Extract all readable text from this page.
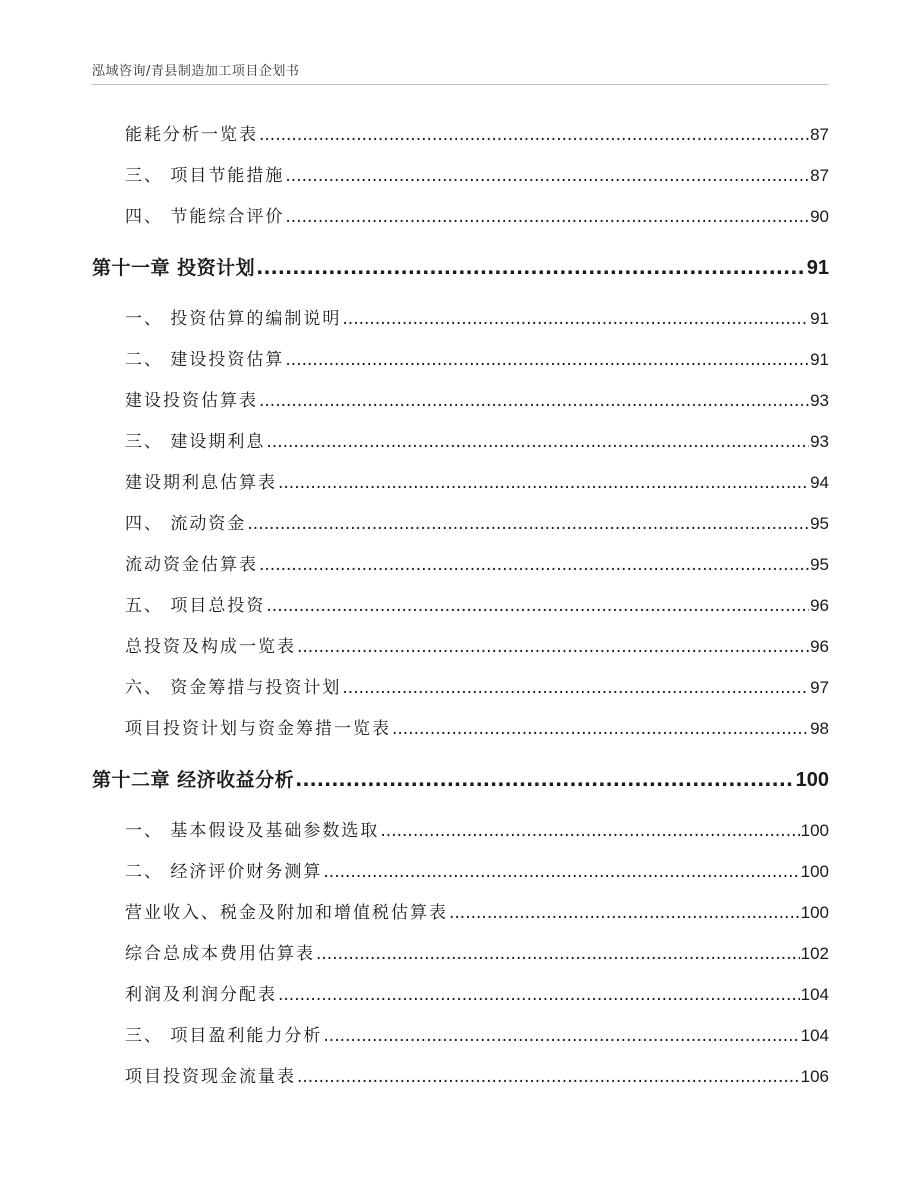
泓域咨询/青县制造加工项目企划书
能耗分析一览表 .....	87
三、 项目节能措施 .....	87
四、 节能综合评价 .....	90
第十一章 投资计划 .....	91
一、 投资估算的编制说明 .....	91
二、 建设投资估算 .....	91
建设投资估算表 .....	93
三、 建设期利息 .....	93
建设期利息估算表 .....	94
四、 流动资金 .....	95
流动资金估算表 .....	95
五、 项目总投资 .....	96
总投资及构成一览表 .....	96
六、 资金筹措与投资计划 .....	97
项目投资计划与资金筹措一览表 .....	98
第十二章 经济收益分析 .....	100
一、 基本假设及基础参数选取 .....	100
二、 经济评价财务测算 .....	100
营业收入、税金及附加和增值税估算表 .....	100
综合总成本费用估算表 .....	102
利润及利润分配表 .....	104
三、 项目盈利能力分析 .....	104
项目投资现金流量表 .....	106
